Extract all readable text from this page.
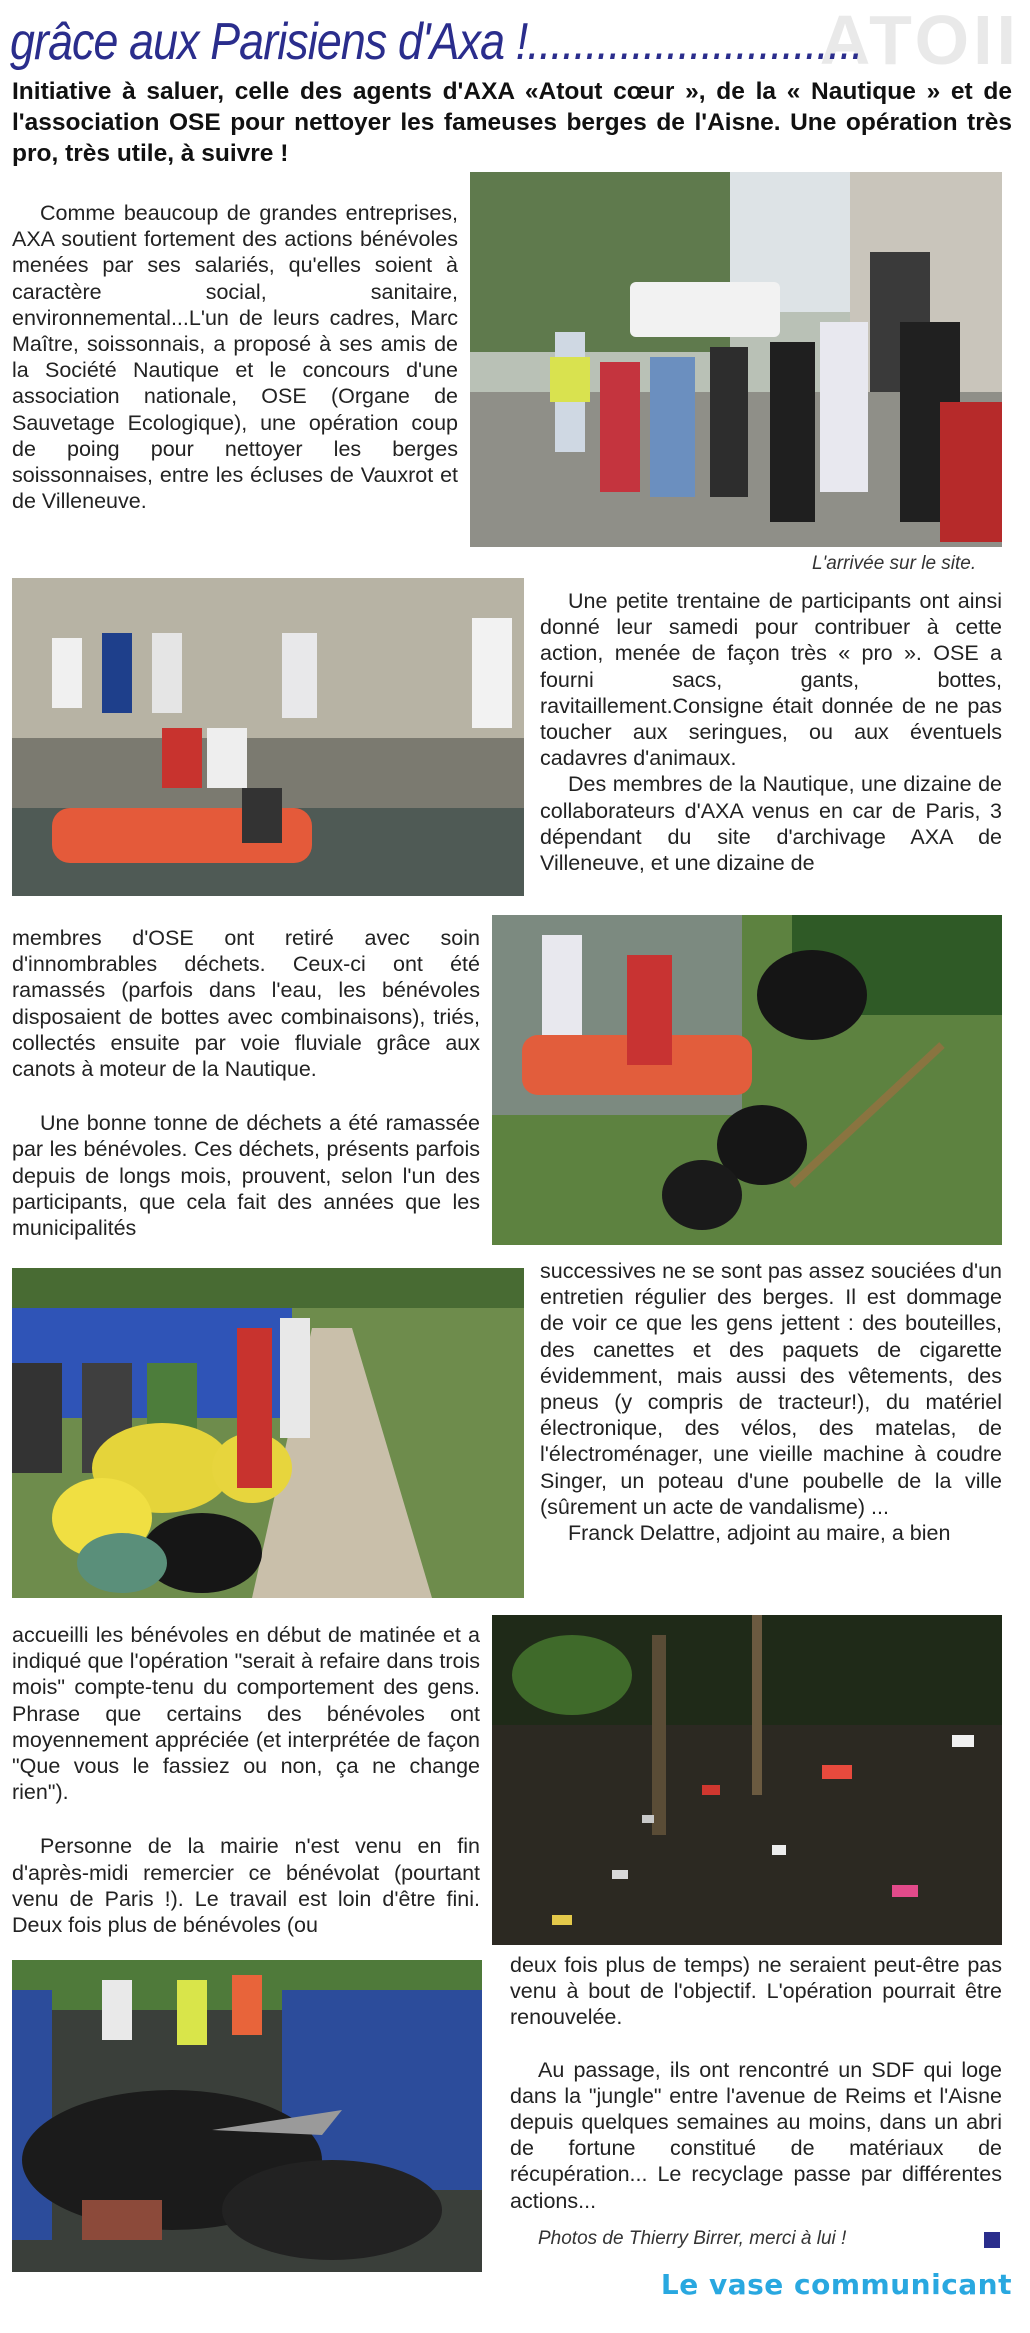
ATOII
grâce aux Parisiens d'Axa !.............................
Initiative à saluer, celle des agents d'AXA «Atout cœur », de la « Nautique » et de l'association OSE pour nettoyer les fameuses berges de l'Aisne. Une opération très pro, très utile, à suivre !

Comme beaucoup de grandes entreprises, AXA soutient fortement des actions bénévoles menées par ses salariés, qu'elles soient à caractère social, sanitaire, environnemental...L'un de leurs cadres, Marc Maître, soissonnais, a proposé à ses amis de la Société Nautique et le concours d'une association nationale, OSE (Organe de Sauvetage Ecologique), une opération coup de poing pour nettoyer les berges soissonnaises, entre les écluses de Vauxrot et de Villeneuve.

L'arrivée sur le site.

Une petite trentaine de participants ont ainsi donné leur samedi pour contribuer à cette action, menée de façon très « pro ». OSE a fourni sacs, gants, bottes, ravitaillement.Consigne était donnée de ne pas toucher aux seringues, ou aux éventuels cadavres d'animaux.

Des membres de la Nautique, une dizaine de collaborateurs d'AXA venus en car de Paris, 3 dépendant du site d'archivage AXA de Villeneuve, et une dizaine de

membres d'OSE ont retiré avec soin d'innombrables déchets. Ceux-ci ont été ramassés (parfois dans l'eau, les bénévoles disposaient de bottes avec combinaisons), triés, collectés ensuite par voie fluviale grâce aux canots à moteur de la Nautique.

Une bonne tonne de déchets a été ramassée par les bénévoles. Ces déchets, présents parfois depuis de longs mois, prouvent, selon l'un des participants, que cela fait des années que les municipalités

successives ne se sont pas assez souciées d'un entretien régulier des berges. Il est dommage de voir ce que les gens jettent : des bouteilles, des canettes et des paquets de cigarette évidemment, mais aussi des vêtements, des pneus (y compris de tracteur!), du matériel électronique, des vélos, des matelas, de l'électroménager, une vieille machine à coudre Singer, un poteau d'une poubelle de la ville (sûrement un acte de vandalisme) ...

Franck Delattre, adjoint au maire, a bien

accueilli les bénévoles en début de matinée et a indiqué que l'opération "serait à refaire dans trois mois" compte-tenu du comportement des gens. Phrase que certains des bénévoles ont moyennement appréciée (et interprétée de façon "Que vous le fassiez ou non, ça ne change rien").

Personne de la mairie n'est venu en fin d'après-midi remercier ce bénévolat (pourtant venu de Paris !). Le travail est loin d'être fini. Deux fois plus de bénévoles (ou

deux fois plus de temps) ne seraient peut-être pas venu à bout de l'objectif. L'opération pourrait être renouvelée.

Au passage, ils ont rencontré un SDF qui loge dans la "jungle" entre l'avenue de Reims et l'Aisne depuis quelques semaines au moins, dans un abri de fortune constitué de matériaux de récupération... Le recyclage passe par différentes actions...

Photos de Thierry Birrer, merci à lui !
Le vase communicant
